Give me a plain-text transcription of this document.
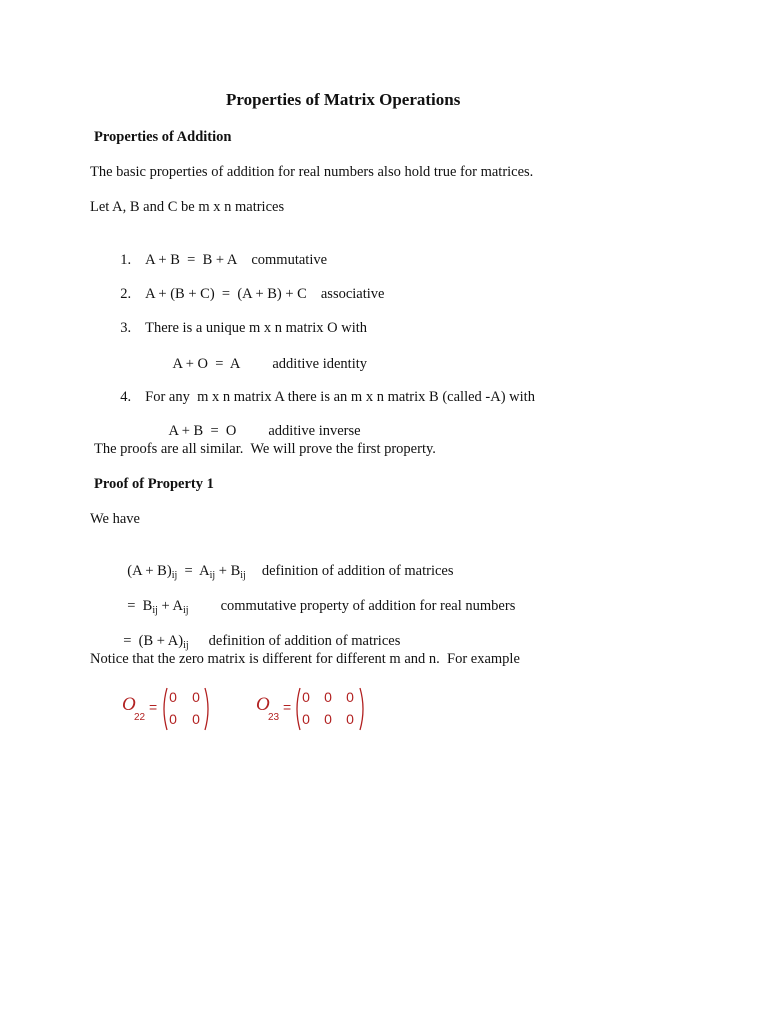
Properties of Matrix Operations
Properties of Addition
The basic properties of addition for real numbers also hold true for matrices.
Let A, B and C be m x n matrices

1. A + B  =  B + A commutative

2. A + (B + C)  =  (A + B) + C associative

3. There is a unique m x n matrix O with

A + O  =  A additive identity

4. For any  m x n matrix A there is an m x n matrix B (called -A) with

A + B  =  O additive inverse

The proofs are all similar.  We will prove the first property.
Proof of Property 1
We have

$(A + B)_{ij} = A_{ij} + B_{ij}$ definition of addition of matrices

=  $B_{ij} + A_{ij}$ commutative property of addition for real numbers

=  $(B + A)_{ij}$ definition of addition of matrices

Notice that the zero matrix is different for different m and n.  For example
O
22
=
0 0
0 0
O
23
=
0 0 0
0 0 0
